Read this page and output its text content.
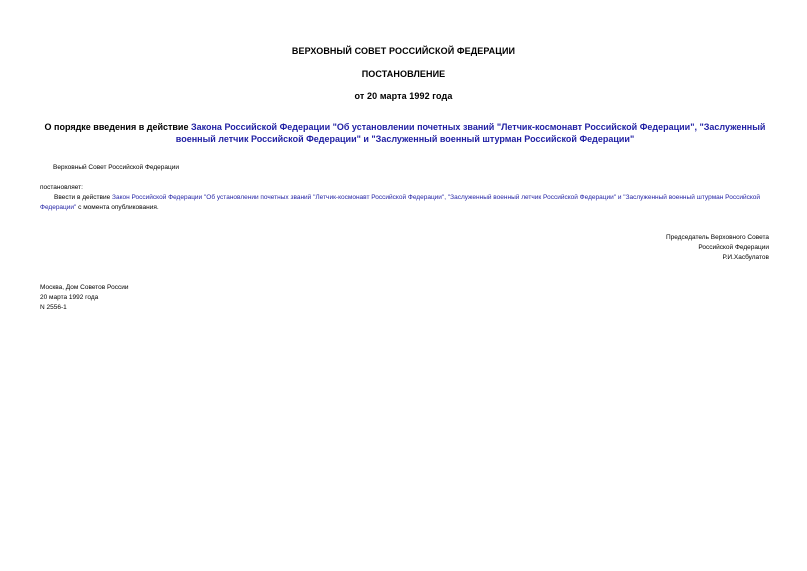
ВЕРХОВНЫЙ СОВЕТ РОССИЙСКОЙ ФЕДЕРАЦИИ
ПОСТАНОВЛЕНИЕ
от 20 марта 1992 года
О порядке введения в действие Закона Российской Федерации "Об установлении почетных званий "Летчик-космонавт Российской Федерации", "Заслуженный военный летчик Российской Федерации" и "Заслуженный военный штурман Российской Федерации"
Верховный Совет Российской Федерации
постановляет:
Ввести в действие Закон Российской Федерации "Об установлении почетных званий "Летчик-космонавт Российской Федерации", "Заслуженный военный летчик Российской Федерации" и "Заслуженный военный штурман Российской Федерации" с момента опубликования.
Председатель Верховного Совета
Российской Федерации
Р.И.Хасбулатов
Москва, Дом Советов России
20 марта 1992 года
N 2556-1
